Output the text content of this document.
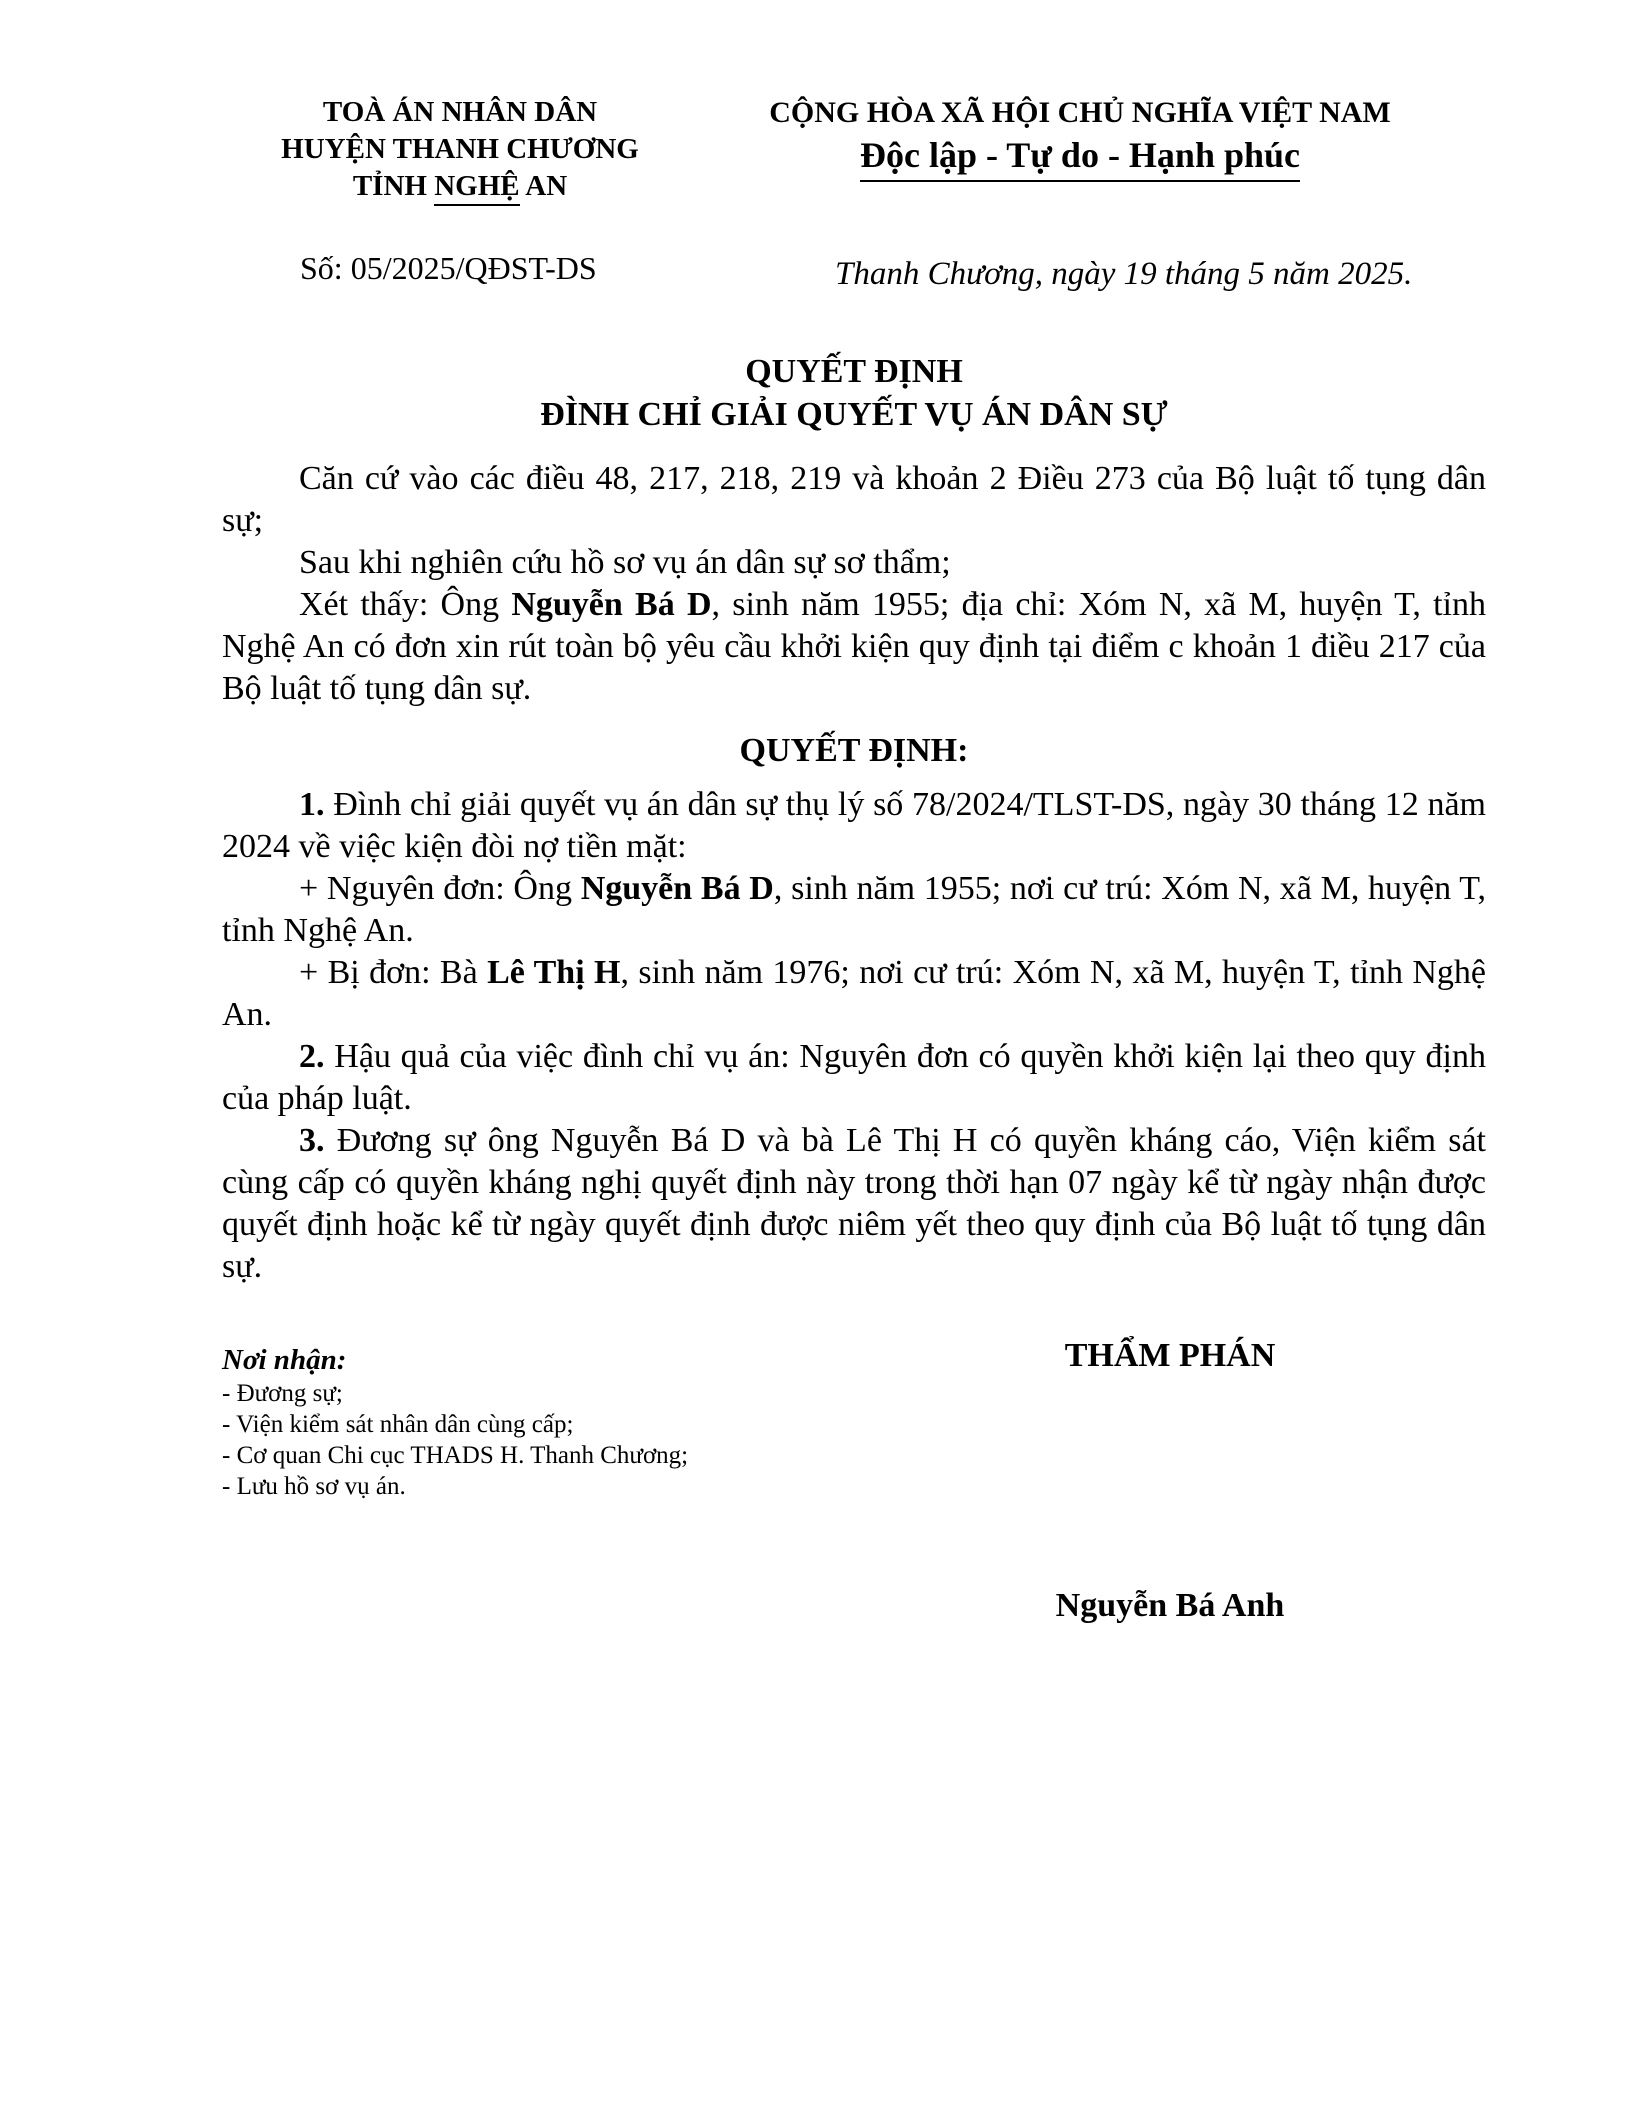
TOÀ ÁN NHÂN DÂN
HUYỆN THANH CHƯƠNG
TỈNH NGHỆ AN
CỘNG HÒA XÃ HỘI CHỦ NGHĨA VIỆT NAM
Độc lập - Tự do - Hạnh phúc
Số: 05/2025/QĐST-DS	Thanh Chương, ngày 19 tháng 5 năm 2025.
QUYẾT ĐỊNH
ĐÌNH CHỈ GIẢI QUYẾT VỤ ÁN DÂN SỰ

Căn cứ vào các điều 48, 217, 218, 219 và khoản 2 Điều 273 của Bộ luật tố tụng dân sự;

Sau khi nghiên cứu hồ sơ vụ án dân sự sơ thẩm;

Xét thấy: Ông Nguyễn Bá D, sinh năm 1955; địa chỉ: Xóm N, xã M, huyện T, tỉnh Nghệ An có đơn xin rút toàn bộ yêu cầu khởi kiện quy định tại điểm c khoản 1 điều 217 của Bộ luật tố tụng dân sự.

QUYẾT ĐỊNH:

1. Đình chỉ giải quyết vụ án dân sự thụ lý số 78/2024/TLST-DS, ngày 30 tháng 12 năm 2024 về việc kiện đòi nợ tiền mặt:

+ Nguyên đơn: Ông Nguyễn Bá D, sinh năm 1955; nơi cư trú: Xóm N, xã M, huyện T, tỉnh Nghệ An.

+ Bị đơn: Bà Lê Thị H, sinh năm 1976; nơi cư trú: Xóm N, xã M, huyện T, tỉnh Nghệ An.

2. Hậu quả của việc đình chỉ vụ án: Nguyên đơn có quyền khởi kiện lại theo quy định của pháp luật.

3. Đương sự ông Nguyễn Bá D và bà Lê Thị H có quyền kháng cáo, Viện kiểm sát cùng cấp có quyền kháng nghị quyết định này trong thời hạn 07 ngày kể từ ngày nhận được quyết định hoặc kể từ ngày quyết định được niêm yết theo quy định của Bộ luật tố tụng dân sự.

Nơi nhận:
- Đương sự;
- Viện kiểm sát nhân dân cùng cấp;
- Cơ quan Chi cục THADS H. Thanh Chương;
- Lưu hồ sơ vụ án.
THẨM PHÁN
Nguyễn Bá Anh
